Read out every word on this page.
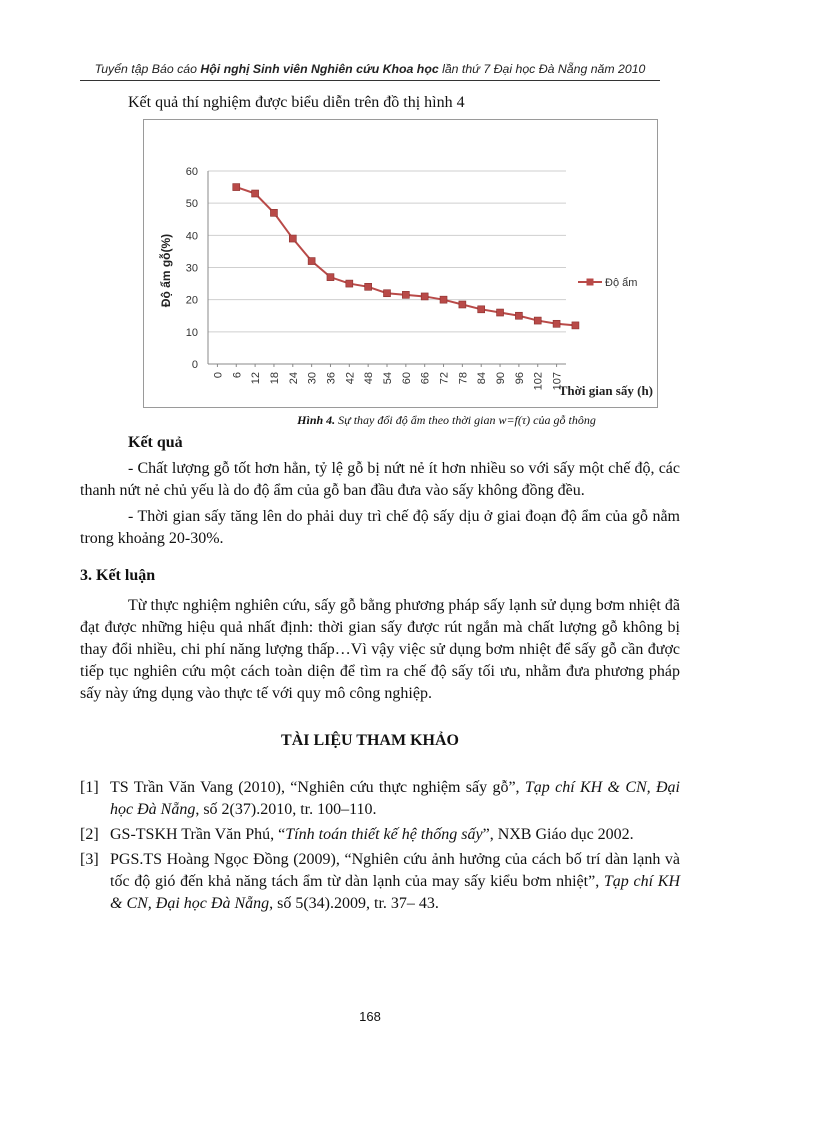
Tuyển tập Báo cáo Hội nghị Sinh viên Nghiên cứu Khoa học lần thứ 7 Đại học Đà Nẵng năm 2010
Kết quả thí nghiệm được biểu diễn trên đồ thị hình 4
0
10
20
30
40
50
60
0 6 12 18 24 30 36 42 48 54 60 66 72 78 84 90 96 102 107
Độ ẩm
Độ ẩm gỗ(%)
Thời gian sấy (h)
Hình 4. Sự thay đổi độ ẩm theo thời gian w=f(τ) của gỗ thông
Kết quả

- Chất lượng gỗ tốt hơn hẳn, tỷ lệ gỗ bị nứt nẻ ít hơn nhiều so với sấy một chế độ, các thanh nứt nẻ chủ yếu là do độ ẩm của gỗ ban đầu đưa vào sấy không đồng đều.

- Thời gian sấy tăng lên do phải duy trì chế độ sấy dịu ở giai đoạn độ ẩm của gỗ nằm trong khoảng 20-30%.

3. Kết luận

Từ thực nghiệm nghiên cứu, sấy gỗ bằng phương pháp sấy lạnh sử dụng bơm nhiệt đã đạt được những hiệu quả nhất định: thời gian sấy được rút ngắn mà chất lượng gỗ không bị thay đổi nhiều, chi phí năng lượng thấp…Vì vậy việc sử dụng bơm nhiệt để sấy gỗ cần được tiếp tục nghiên cứu một cách toàn diện để tìm ra chế độ sấy tối ưu, nhằm đưa phương pháp sấy này ứng dụng vào thực tế với quy mô công nghiệp.

TÀI LIỆU THAM KHẢO
[1] TS Trần Văn Vang (2010), “Nghiên cứu thực nghiệm sấy gỗ”, Tạp chí KH & CN, Đại học Đà Nẵng, số 2(37).2010, tr. 100–110.
[2] GS-TSKH Trần Văn Phú, “Tính toán thiết kế hệ thống sấy”, NXB Giáo dục 2002.
[3] PGS.TS Hoàng Ngọc Đồng (2009), “Nghiên cứu ảnh hưởng của cách bố trí dàn lạnh và tốc độ gió đến khả năng tách ẩm từ dàn lạnh của may sấy kiểu bơm nhiệt”, Tạp chí KH & CN, Đại học Đà Nẵng, số 5(34).2009, tr. 37– 43.
168
